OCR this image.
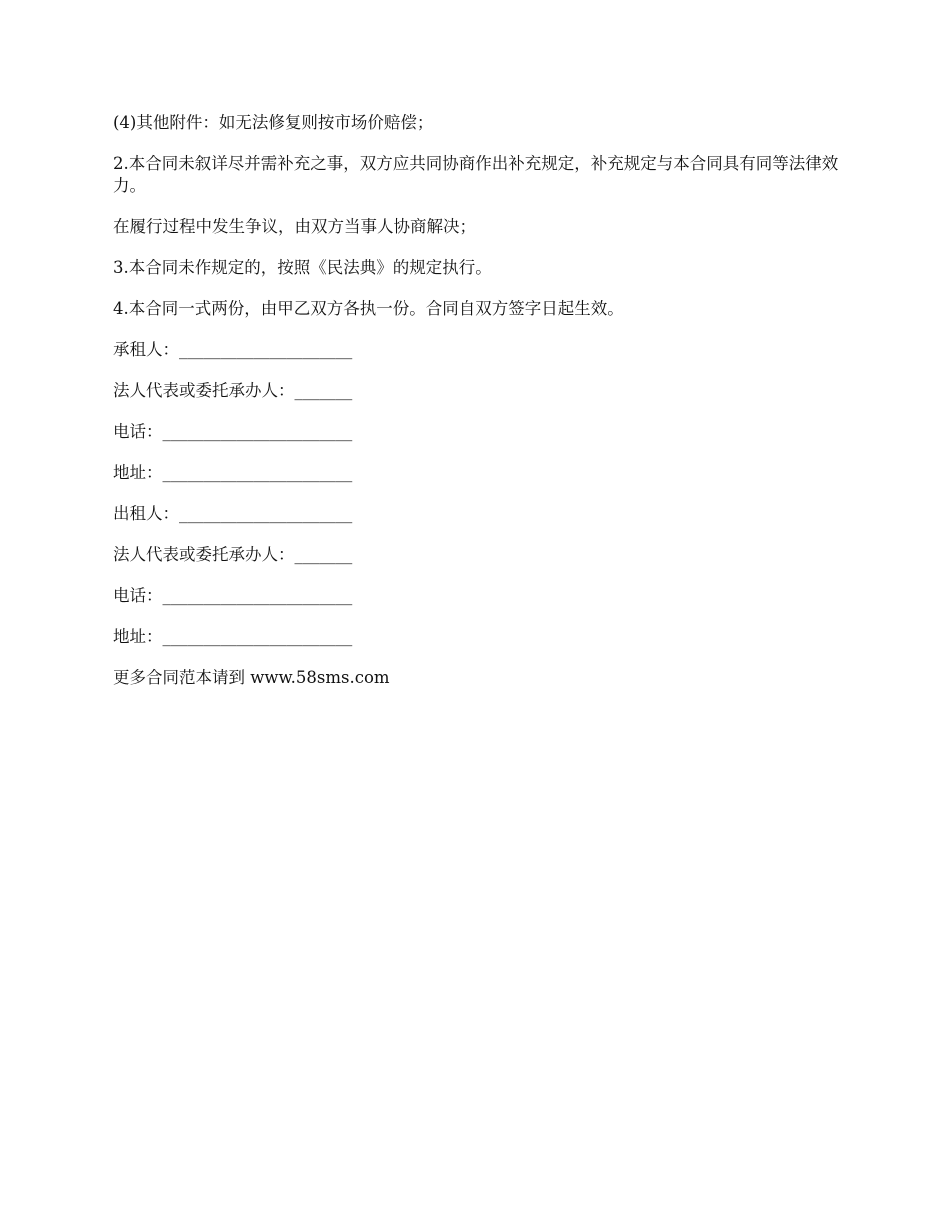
(4)其他附件：如无法修复则按市场价赔偿；

2.本合同未叙详尽并需补充之事，双方应共同协商作出补充规定，补充规定与本合同具有同等法律效力。

在履行过程中发生争议，由双方当事人协商解决；

3.本合同未作规定的，按照《民法典》的规定执行。

4.本合同一式两份，由甲乙双方各执一份。合同自双方签字日起生效。

承租人：_____________________

法人代表或委托承办人：_______

电话：_______________________

地址：_______________________

出租人：_____________________

法人代表或委托承办人：_______

电话：_______________________

地址：_______________________

更多合同范本请到 www.58sms.com
